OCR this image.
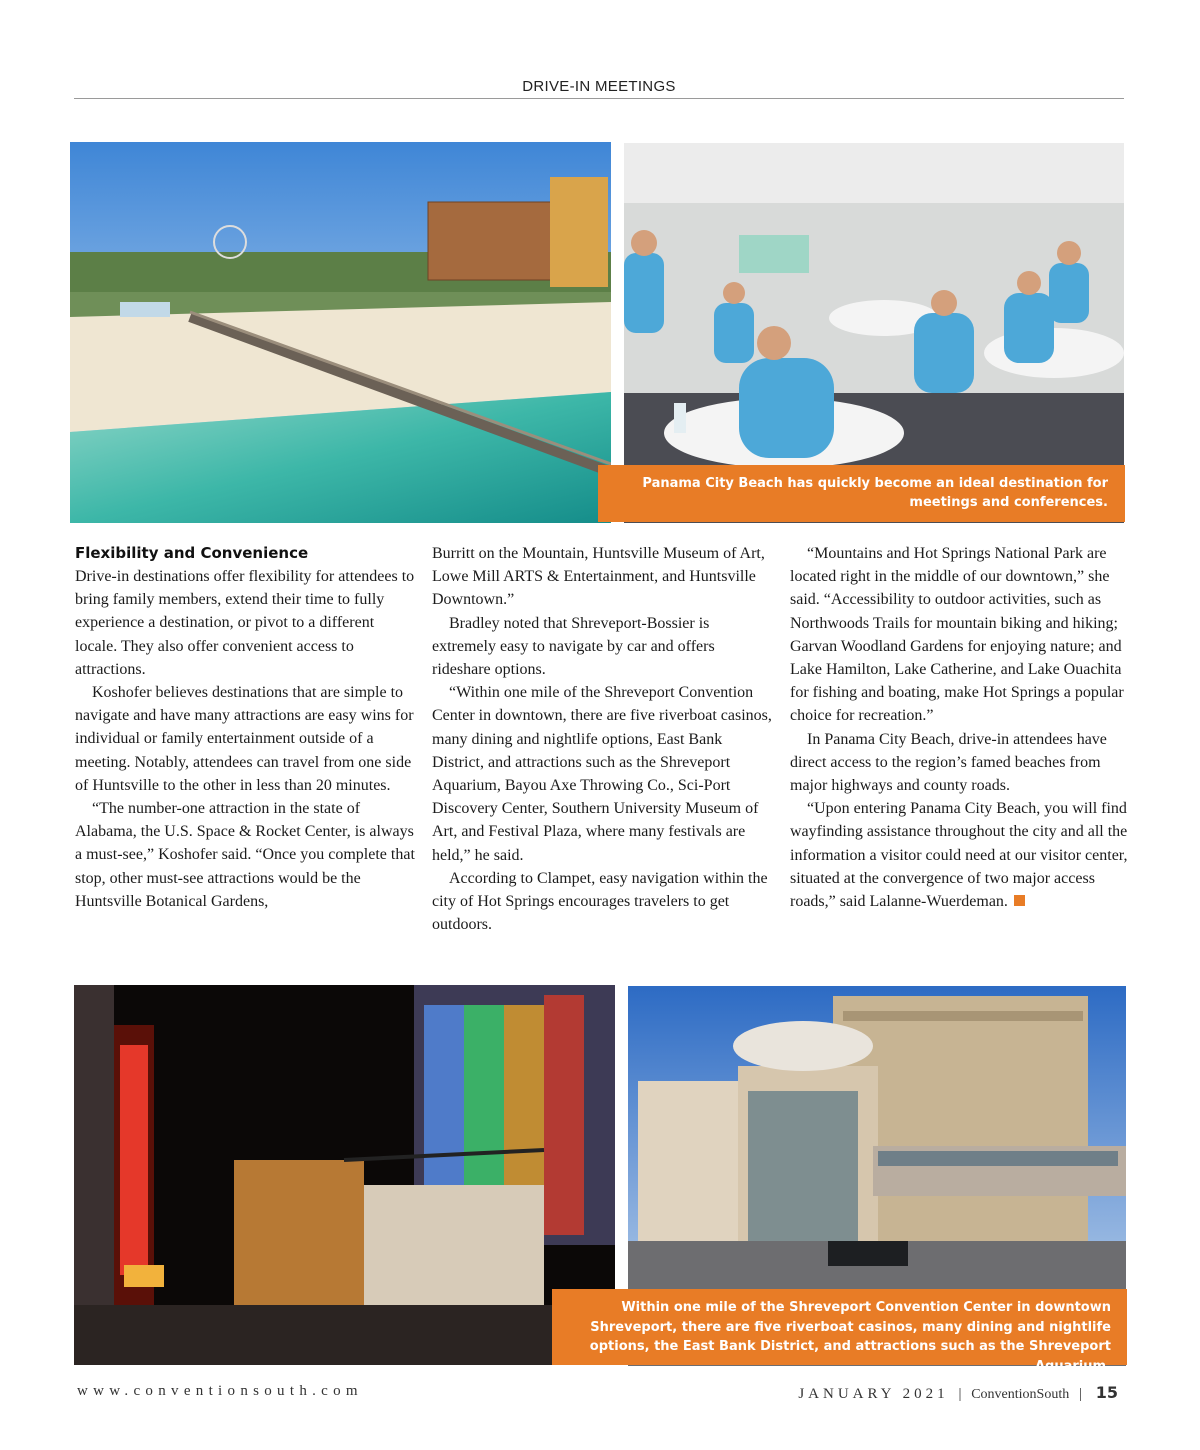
DRIVE-IN MEETINGS
Panama City Beach has quickly become an ideal destination for meetings and conferences.
Flexibility and Convenience

Drive-in destinations offer flexibility for attendees to bring family members, extend their time to fully experience a destination, or pivot to a different locale. They also offer convenient access to attractions.

Koshofer believes destinations that are simple to navigate and have many attractions are easy wins for individual or family entertainment outside of a meeting. Notably, attendees can travel from one side of Huntsville to the other in less than 20 minutes.

“The number-one attraction in the state of Alabama, the U.S. Space & Rocket Center, is always a must-see,” Koshofer said. “Once you complete that stop, other must-see attractions would be the Huntsville Botanical Gardens,

Burritt on the Mountain, Huntsville Museum of Art, Lowe Mill ARTS & Entertainment, and Huntsville Downtown.”

Bradley noted that Shreveport-Bossier is extremely easy to navigate by car and offers rideshare options.

“Within one mile of the Shreveport Convention Center in downtown, there are five riverboat casinos, many dining and nightlife options, East Bank District, and attractions such as the Shreveport Aquarium, Bayou Axe Throwing Co., Sci-Port Discovery Center, Southern University Museum of Art, and Festival Plaza, where many festivals are held,” he said.

According to Clampet, easy navigation within the city of Hot Springs encourages travelers to get outdoors.

“Mountains and Hot Springs National Park are located right in the middle of our downtown,” she said. “Accessibility to outdoor activities, such as Northwoods Trails for mountain biking and hiking; Garvan Woodland Gardens for enjoying nature; and Lake Hamilton, Lake Catherine, and Lake Ouachita for fishing and boating, make Hot Springs a popular choice for recreation.”

In Panama City Beach, drive-in attendees have direct access to the region’s famed beaches from major highways and county roads.

“Upon entering Panama City Beach, you will find wayfinding assistance throughout the city and all the information a visitor could need at our visitor center, situated at the convergence of two major access roads,” said Lalanne-Wuerdeman.

Within one mile of the Shreveport Convention Center in downtown Shreveport, there are five riverboat casinos, many dining and nightlife options, the East Bank District, and attractions such as the Shreveport Aquarium.
www.conventionsouth.com	JANUARY 2021 | ConventionSouth | 15
